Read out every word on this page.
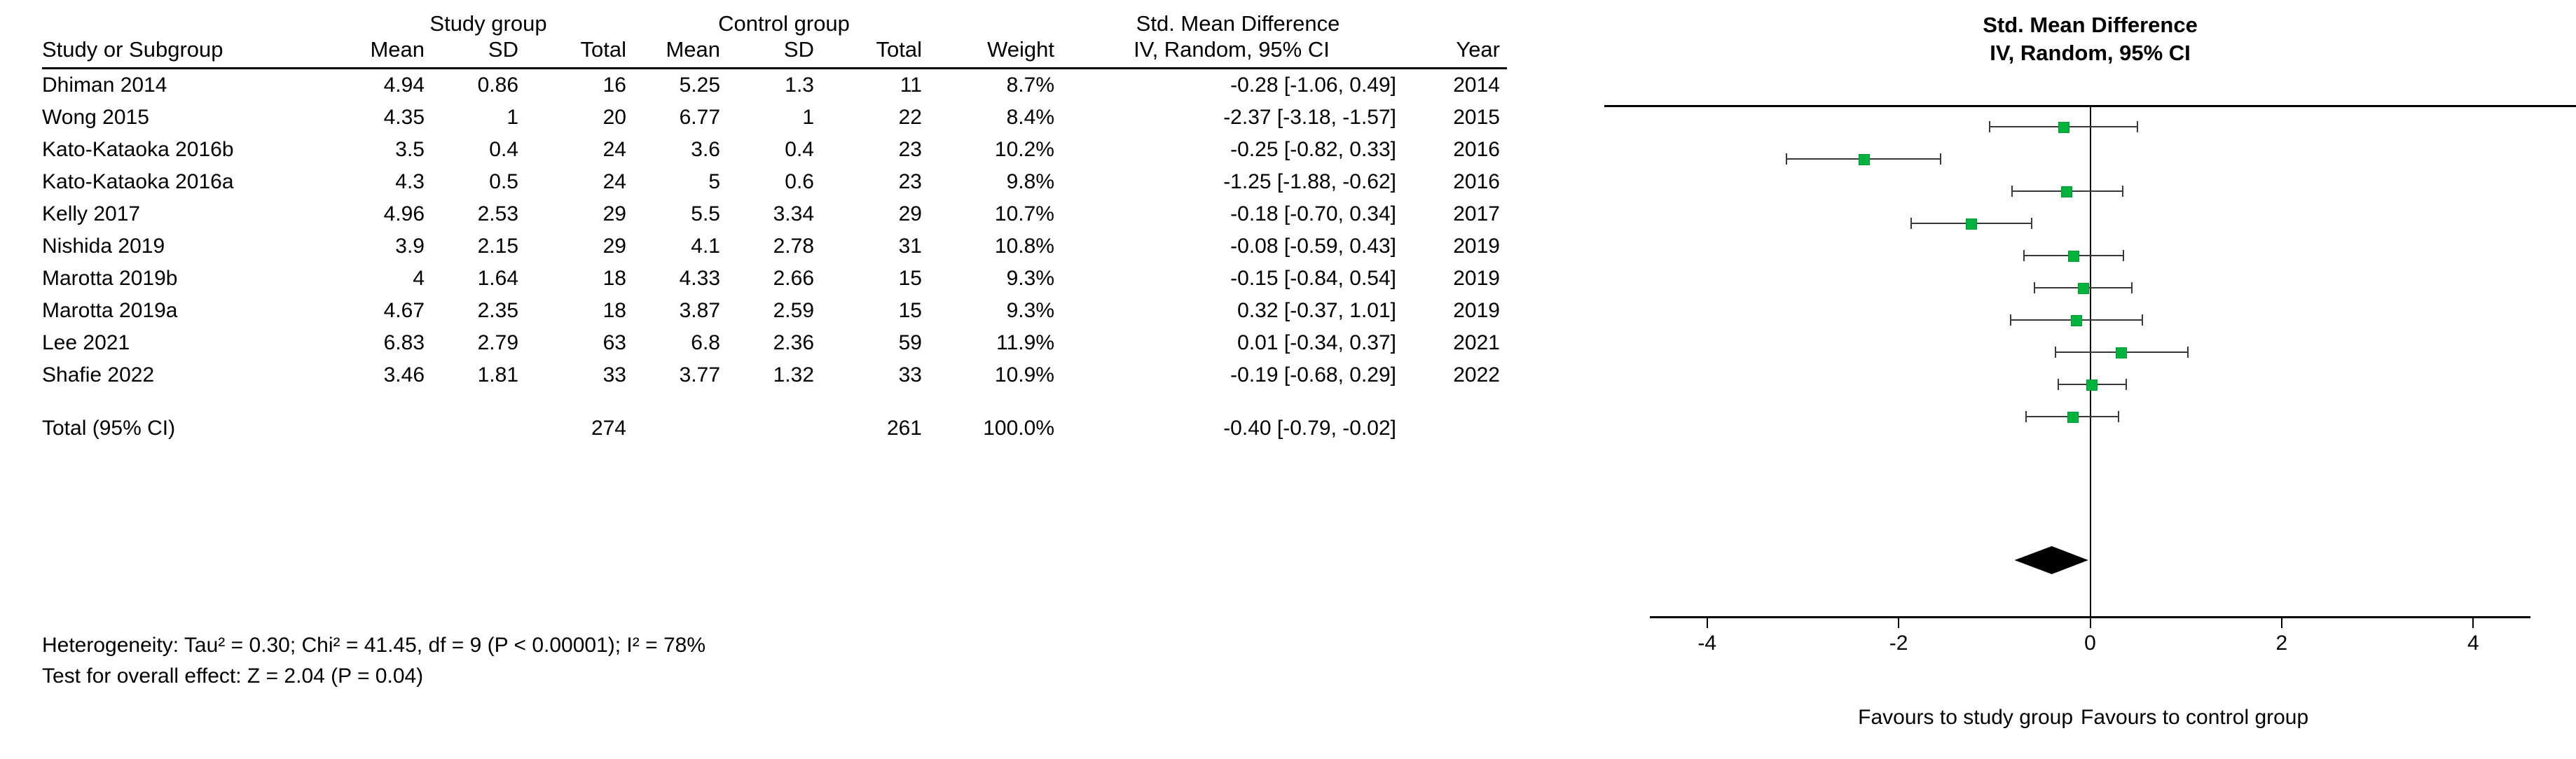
	Study group			Control group				Std. Mean Difference	
Study or Subgroup	Mean	SD	Total	Mean	SD	Total	Weight	IV, Random, 95% CI	Year

Dhiman 2014	4.94	0.86	16	5.25	1.3	11	8.7%	-0.28 [-1.06, 0.49]	2014
Wong 2015	4.35	1	20	6.77	1	22	8.4%	-2.37 [-3.18, -1.57]	2015
Kato-Kataoka 2016b	3.5	0.4	24	3.6	0.4	23	10.2%	-0.25 [-0.82, 0.33]	2016
Kato-Kataoka 2016a	4.3	0.5	24	5	0.6	23	9.8%	-1.25 [-1.88, -0.62]	2016
Kelly 2017	4.96	2.53	29	5.5	3.34	29	10.7%	-0.18 [-0.70, 0.34]	2017
Nishida 2019	3.9	2.15	29	4.1	2.78	31	10.8%	-0.08 [-0.59, 0.43]	2019
Marotta 2019b	4	1.64	18	4.33	2.66	15	9.3%	-0.15 [-0.84, 0.54]	2019
Marotta 2019a	4.67	2.35	18	3.87	2.59	15	9.3%	0.32 [-0.37, 1.01]	2019
Lee 2021	6.83	2.79	63	6.8	2.36	59	11.9%	0.01 [-0.34, 0.37]	2021
Shafie 2022	3.46	1.81	33	3.77	1.32	33	10.9%	-0.19 [-0.68, 0.29]	2022
Total (95% CI)			274			261	100.0%	-0.40 [-0.79, -0.02]	
Heterogeneity: Tau² = 0.30; Chi² = 41.45, df = 9 (P < 0.00001); I² = 78%
Test for overall effect: Z = 2.04 (P = 0.04)
Std. Mean Difference
IV, Random, 95% CI
-4	-2	0	2	4
Favours to study group Favours to control group
